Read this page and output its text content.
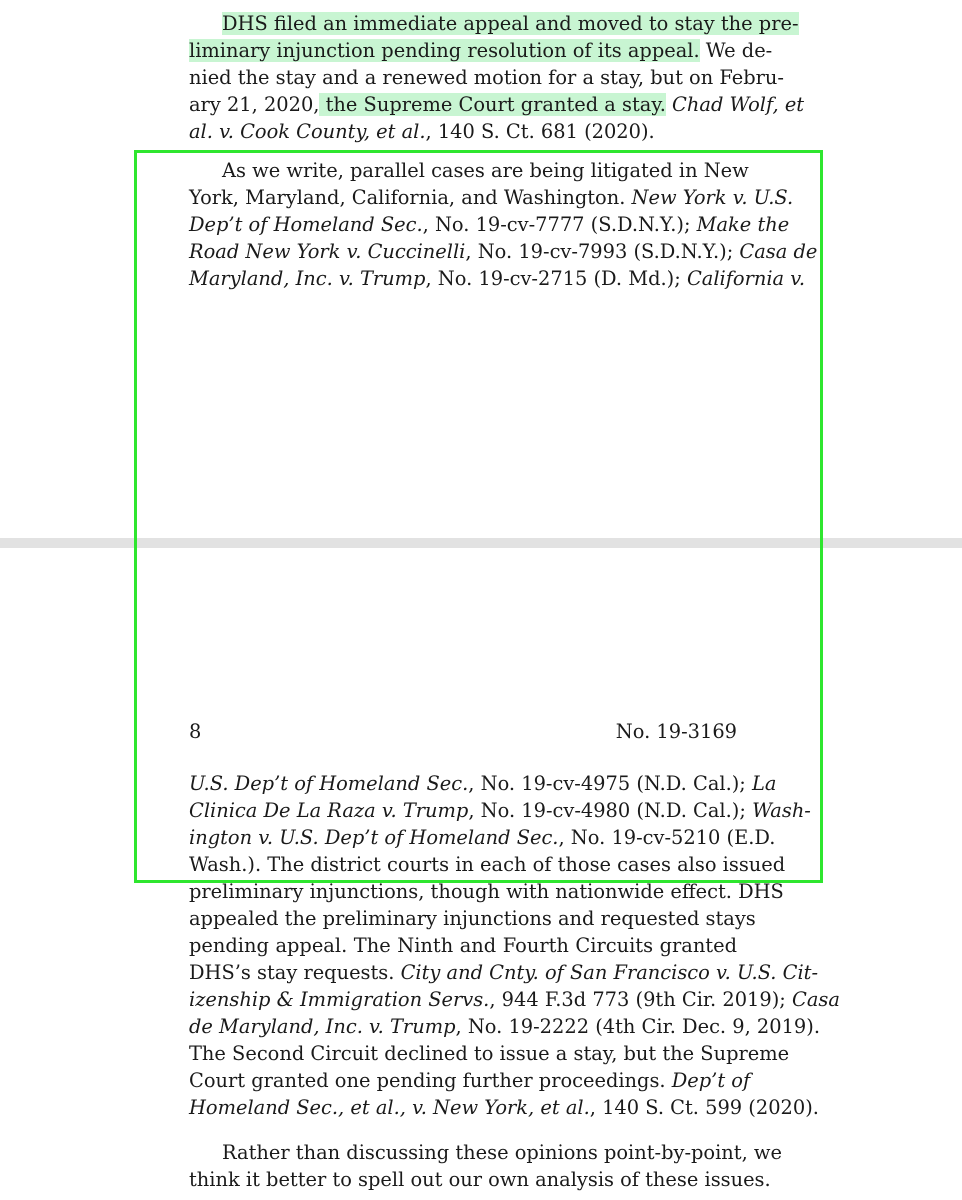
DHS filed an immediate appeal and moved to stay the pre-
liminary injunction pending resolution of its appeal. We de-
nied the stay and a renewed motion for a stay, but on Febru-
ary 21, 2020, the Supreme Court granted a stay. Chad Wolf, et
al. v. Cook County, et al., 140 S. Ct. 681 (2020).
As we write, parallel cases are being litigated in New
York, Maryland, California, and Washington. New York v. U.S.
Dep’t of Homeland Sec., No. 19-cv-7777 (S.D.N.Y.); Make the
Road New York v. Cuccinelli, No. 19-cv-7993 (S.D.N.Y.); Casa de
Maryland, Inc. v. Trump, No. 19-cv-2715 (D. Md.); California v.
8	No. 19-3169
U.S. Dep’t of Homeland Sec., No. 19-cv-4975 (N.D. Cal.); La
Clinica De La Raza v. Trump, No. 19-cv-4980 (N.D. Cal.); Wash-
ington v. U.S. Dep’t of Homeland Sec., No. 19-cv-5210 (E.D.
Wash.). The district courts in each of those cases also issued
preliminary injunctions, though with nationwide effect. DHS
appealed the preliminary injunctions and requested stays
pending appeal. The Ninth and Fourth Circuits granted
DHS’s stay requests. City and Cnty. of San Francisco v. U.S. Cit-
izenship & Immigration Servs., 944 F.3d 773 (9th Cir. 2019); Casa
de Maryland, Inc. v. Trump, No. 19-2222 (4th Cir. Dec. 9, 2019).
The Second Circuit declined to issue a stay, but the Supreme
Court granted one pending further proceedings. Dep’t of
Homeland Sec., et al., v. New York, et al., 140 S. Ct. 599 (2020).
Rather than discussing these opinions point-by-point, we
think it better to spell out our own analysis of these issues.
